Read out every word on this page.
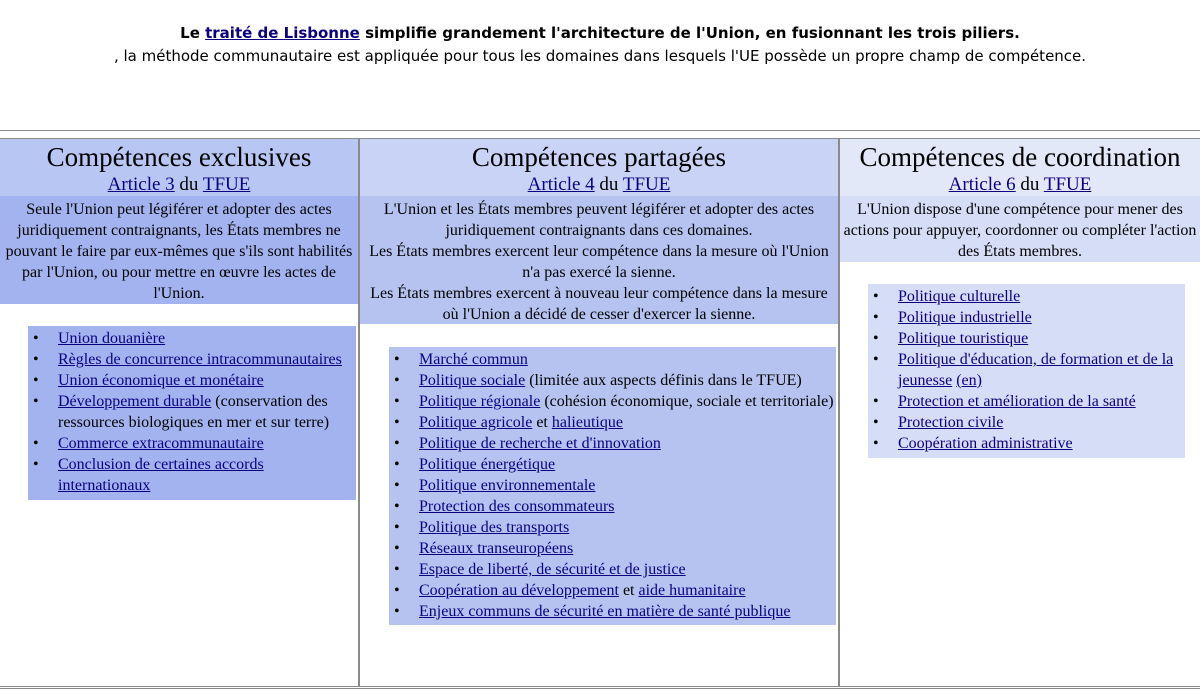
Le traité de Lisbonne simplifie grandement l'architecture de l'Union, en fusionnant les trois piliers.
, la méthode communautaire est appliquée pour tous les domaines dans lesquels l'UE possède un propre champ de compétence.
Compétences exclusives
Article 3 du TFUE
Seule l'Union peut légiférer et adopter des actes juridiquement contraignants, les États membres ne pouvant le faire par eux-mêmes que s'ils sont habilités par l'Union, ou pour mettre en œuvre les actes de l'Union.
• Union douanière
• Règles de concurrence intracommunautaires
• Union économique et monétaire
• Développement durable (conservation des ressources biologiques en mer et sur terre)
• Commerce extracommunautaire
• Conclusion de certaines accords internationaux
Compétences partagées
Article 4 du TFUE
L'Union et les États membres peuvent légiférer et adopter des actes juridiquement contraignants dans ces domaines.
Les États membres exercent leur compétence dans la mesure où l'Union n'a pas exercé la sienne.
Les États membres exercent à nouveau leur compétence dans la mesure où l'Union a décidé de cesser d'exercer la sienne.
• Marché commun
• Politique sociale (limitée aux aspects définis dans le TFUE)
• Politique régionale (cohésion économique, sociale et territoriale)
• Politique agricole et halieutique
• Politique de recherche et d'innovation
• Politique énergétique
• Politique environnementale
• Protection des consommateurs
• Politique des transports
• Réseaux transeuropéens
• Espace de liberté, de sécurité et de justice
• Coopération au développement et aide humanitaire
• Enjeux communs de sécurité en matière de santé publique
Compétences de coordination
Article 6 du TFUE
L'Union dispose d'une compétence pour mener des actions pour appuyer, coordonner ou compléter l'action des États membres.
• Politique culturelle
• Politique industrielle
• Politique touristique
• Politique d'éducation, de formation et de la jeunesse (en)
• Protection et amélioration de la santé
• Protection civile
• Coopération administrative
